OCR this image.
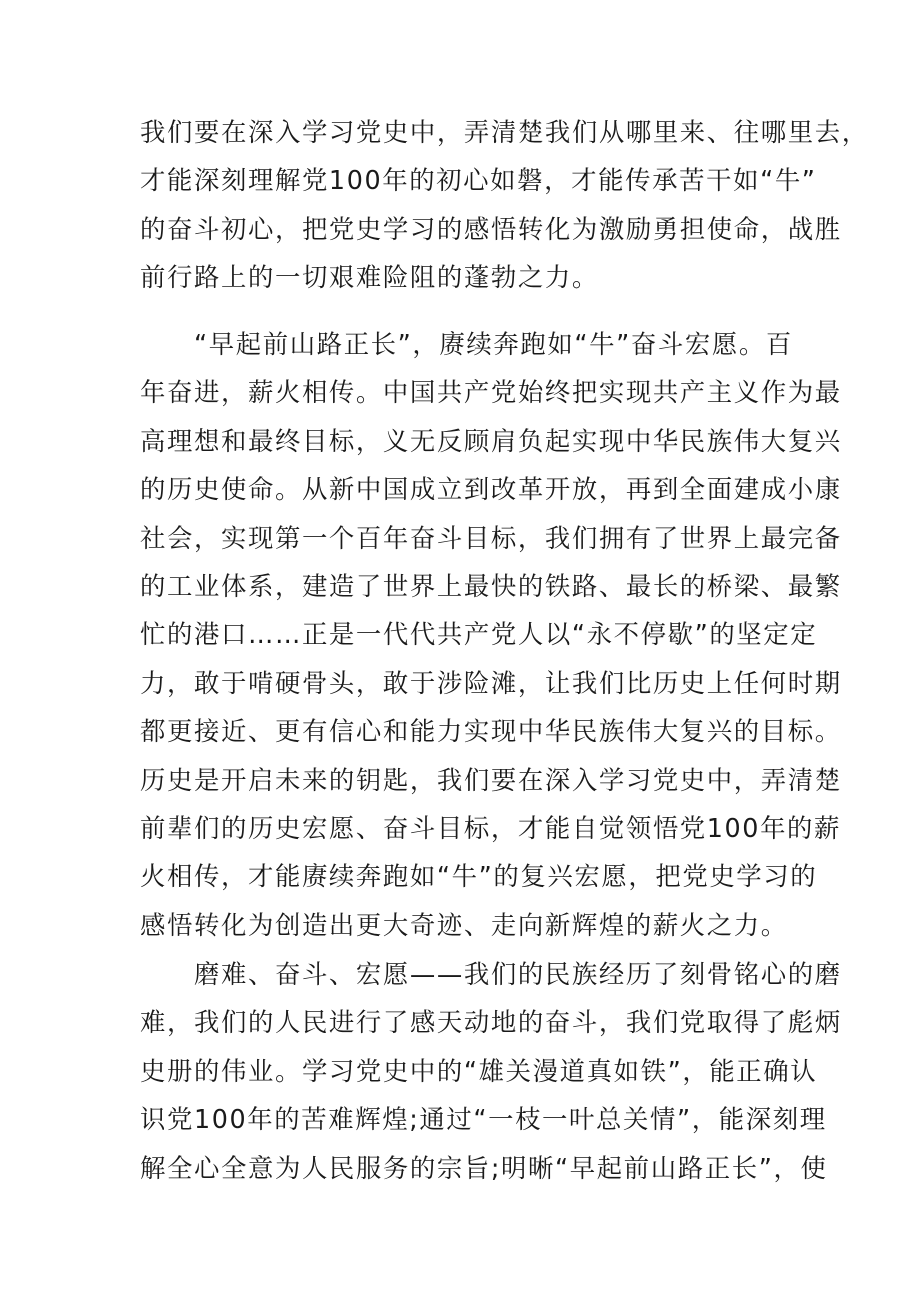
我们要在深入学习党史中，弄清楚我们从哪里来、往哪里去，
才能深刻理解党100年的初心如磐，才能传承苦干如“牛”
的奋斗初心，把党史学习的感悟转化为激励勇担使命，战胜
前行路上的一切艰难险阻的蓬勃之力。
　　“早起前山路正长”，赓续奔跑如“牛”奋斗宏愿。百
年奋进，薪火相传。中国共产党始终把实现共产主义作为最
高理想和最终目标，义无反顾肩负起实现中华民族伟大复兴
的历史使命。从新中国成立到改革开放，再到全面建成小康
社会，实现第一个百年奋斗目标，我们拥有了世界上最完备
的工业体系，建造了世界上最快的铁路、最长的桥梁、最繁
忙的港口……正是一代代共产党人以“永不停歇”的坚定定
力，敢于啃硬骨头，敢于涉险滩，让我们比历史上任何时期
都更接近、更有信心和能力实现中华民族伟大复兴的目标。
历史是开启未来的钥匙，我们要在深入学习党史中，弄清楚
前辈们的历史宏愿、奋斗目标，才能自觉领悟党100年的薪
火相传，才能赓续奔跑如“牛”的复兴宏愿，把党史学习的
感悟转化为创造出更大奇迹、走向新辉煌的薪火之力。
　　磨难、奋斗、宏愿——我们的民族经历了刻骨铭心的磨
难，我们的人民进行了感天动地的奋斗，我们党取得了彪炳
史册的伟业。学习党史中的“雄关漫道真如铁”，能正确认
识党100年的苦难辉煌;通过“一枝一叶总关情”，能深刻理
解全心全意为人民服务的宗旨;明晰“早起前山路正长”，使
